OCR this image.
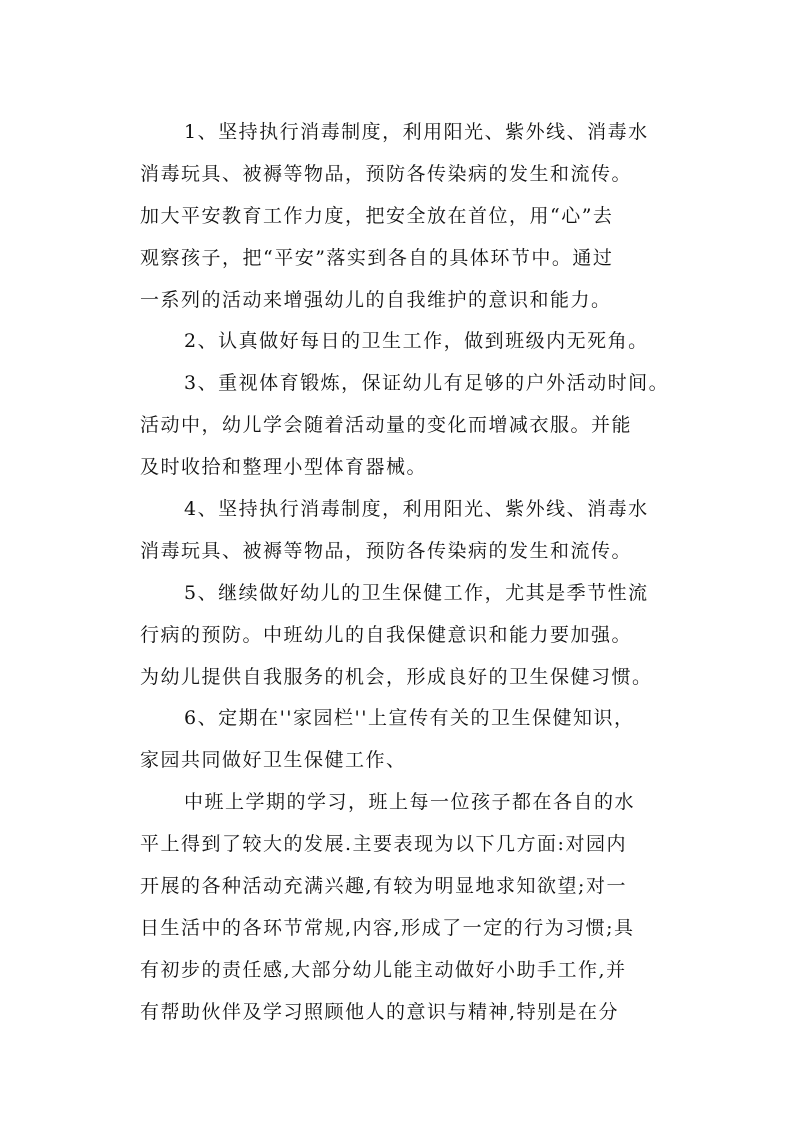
1、坚持执行消毒制度，利用阳光、紫外线、消毒水
消毒玩具、被褥等物品，预防各传染病的发生和流传。
加大平安教育工作力度，把安全放在首位，用“心”去
观察孩子，把“平安”落实到各自的具体环节中。通过
一系列的活动来增强幼儿的自我维护的意识和能力。
2、认真做好每日的卫生工作，做到班级内无死角。
3、重视体育锻炼，保证幼儿有足够的户外活动时间。
活动中，幼儿学会随着活动量的变化而增减衣服。并能
及时收拾和整理小型体育器械。
4、坚持执行消毒制度，利用阳光、紫外线、消毒水
消毒玩具、被褥等物品，预防各传染病的发生和流传。
5、继续做好幼儿的卫生保健工作，尤其是季节性流
行病的预防。中班幼儿的自我保健意识和能力要加强。
为幼儿提供自我服务的机会，形成良好的卫生保健习惯。
6、定期在''家园栏''上宣传有关的卫生保健知识，
家园共同做好卫生保健工作、
中班上学期的学习，班上每一位孩子都在各自的水
平上得到了较大的发展.主要表现为以下几方面:对园内
开展的各种活动充满兴趣,有较为明显地求知欲望;对一
日生活中的各环节常规,内容,形成了一定的行为习惯;具
有初步的责任感,大部分幼儿能主动做好小助手工作,并
有帮助伙伴及学习照顾他人的意识与精神,特别是在分
